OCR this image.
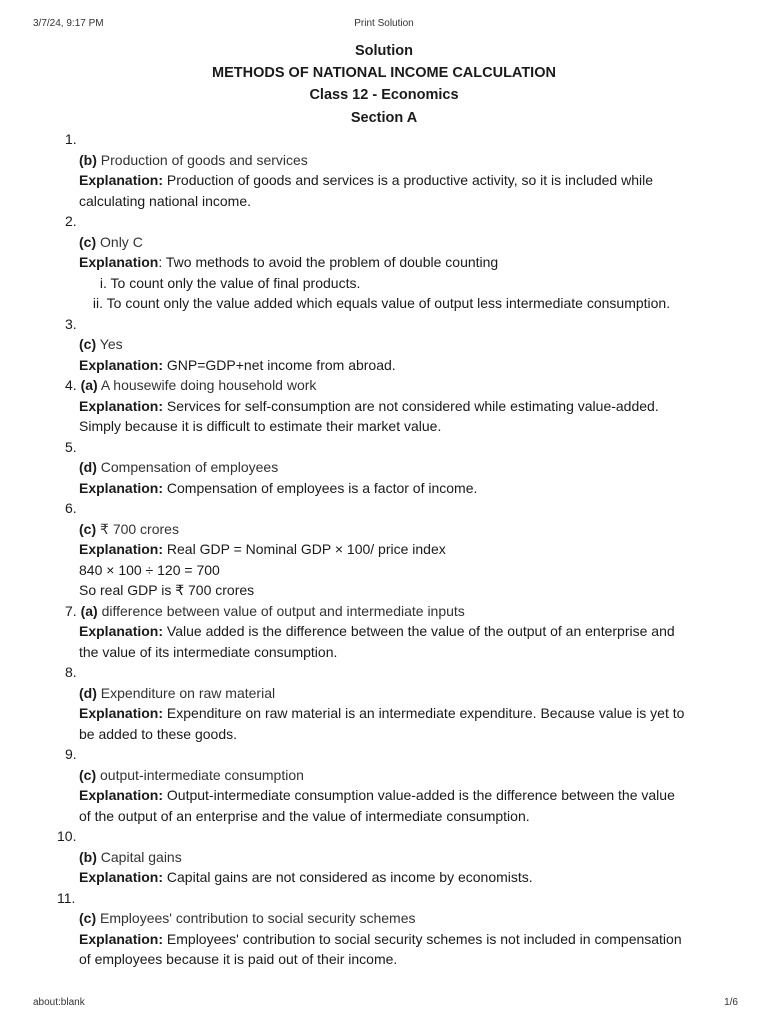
3/7/24, 9:17 PM	Print Solution
Solution
METHODS OF NATIONAL INCOME CALCULATION
Class 12 - Economics
Section A
1.
(b) Production of goods and services
Explanation: Production of goods and services is a productive activity, so it is included while
calculating national income.
2.
(c) Only C
Explanation: Two methods to avoid the problem of double counting
i. To count only the value of final products.
ii. To count only the value added which equals value of output less intermediate consumption.
3.
(c) Yes
Explanation: GNP=GDP+net income from abroad.
4. (a) A housewife doing household work
Explanation: Services for self-consumption are not considered while estimating value-added.
Simply because it is difficult to estimate their market value.
5.
(d) Compensation of employees
Explanation: Compensation of employees is a factor of income.
6.
(c) ₹ 700 crores
Explanation: Real GDP = Nominal GDP × 100/ price index
840 × 100 ÷ 120 = 700
So real GDP is ₹ 700 crores
7. (a) difference between value of output and intermediate inputs
Explanation: Value added is the difference between the value of the output of an enterprise and
the value of its intermediate consumption.
8.
(d) Expenditure on raw material
Explanation: Expenditure on raw material is an intermediate expenditure. Because value is yet to
be added to these goods.
9.
(c) output-intermediate consumption
Explanation: Output-intermediate consumption value-added is the difference between the value
of the output of an enterprise and the value of intermediate consumption.
10.
(b) Capital gains
Explanation: Capital gains are not considered as income by economists.
11.
(c) Employees' contribution to social security schemes
Explanation: Employees' contribution to social security schemes is not included in compensation
of employees because it is paid out of their income.
about:blank	1/6
